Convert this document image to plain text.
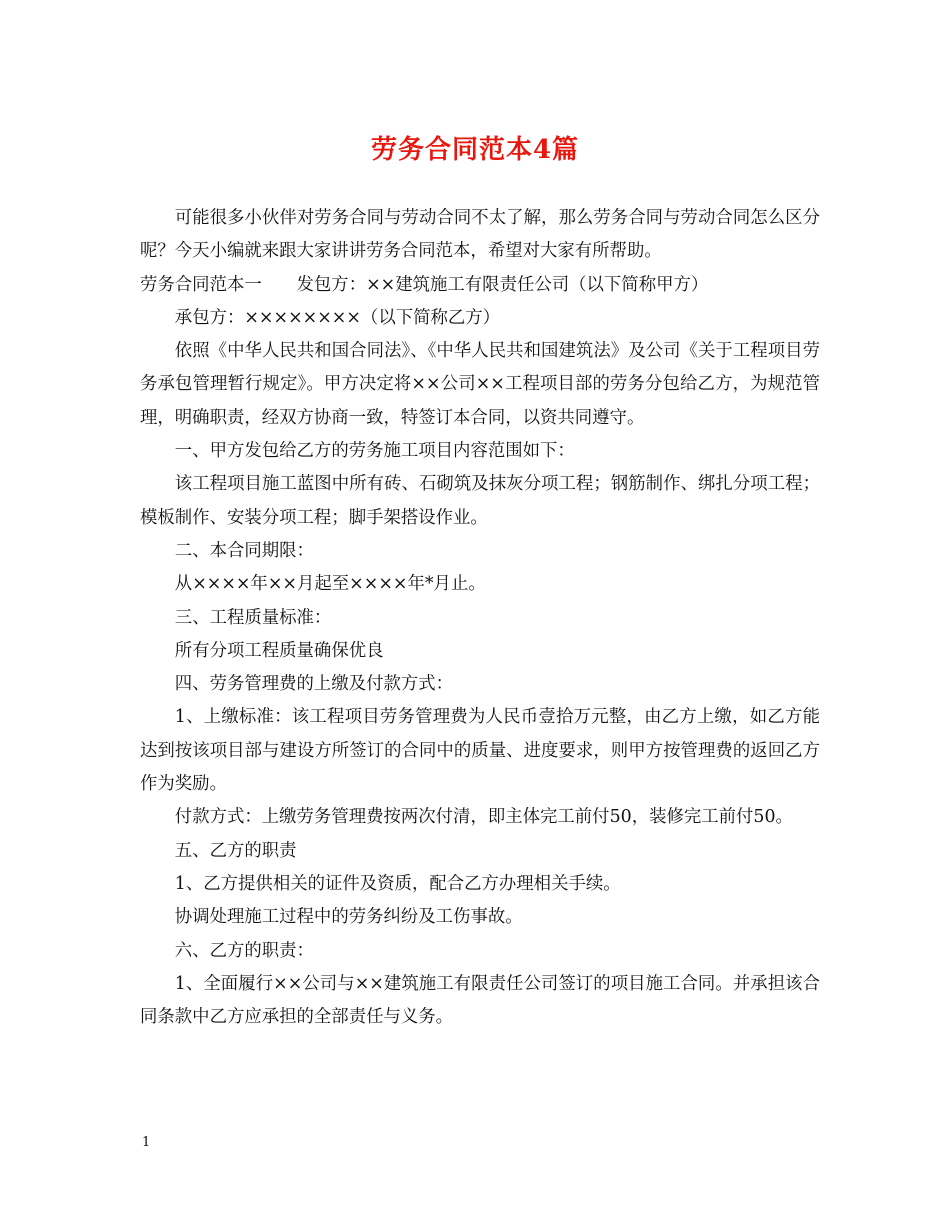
劳务合同范本4篇

可能很多小伙伴对劳务合同与劳动合同不太了解，那么劳务合同与劳动合同怎么区分呢？今天小编就来跟大家讲讲劳务合同范本，希望对大家有所帮助。

劳务合同范本一　　发包方：××建筑施工有限责任公司（以下简称甲方）

承包方：××××××××（以下简称乙方）

依照《中华人民共和国合同法》、《中华人民共和国建筑法》及公司《关于工程项目劳务承包管理暂行规定》。甲方决定将××公司××工程项目部的劳务分包给乙方，为规范管理，明确职责，经双方协商一致，特签订本合同，以资共同遵守。

一、甲方发包给乙方的劳务施工项目内容范围如下：

该工程项目施工蓝图中所有砖、石砌筑及抹灰分项工程；钢筋制作、绑扎分项工程；模板制作、安装分项工程；脚手架搭设作业。

二、本合同期限：

从××××年××月起至××××年*月止。

三、工程质量标准：

所有分项工程质量确保优良

四、劳务管理费的上缴及付款方式：

1、上缴标准：该工程项目劳务管理费为人民币壹拾万元整，由乙方上缴，如乙方能达到按该项目部与建设方所签订的合同中的质量、进度要求，则甲方按管理费的返回乙方作为奖励。

付款方式：上缴劳务管理费按两次付清，即主体完工前付50，装修完工前付50。

五、乙方的职责

1、乙方提供相关的证件及资质，配合乙方办理相关手续。

协调处理施工过程中的劳务纠纷及工伤事故。

六、乙方的职责：

1、全面履行××公司与××建筑施工有限责任公司签订的项目施工合同。并承担该合同条款中乙方应承担的全部责任与义务。

1
